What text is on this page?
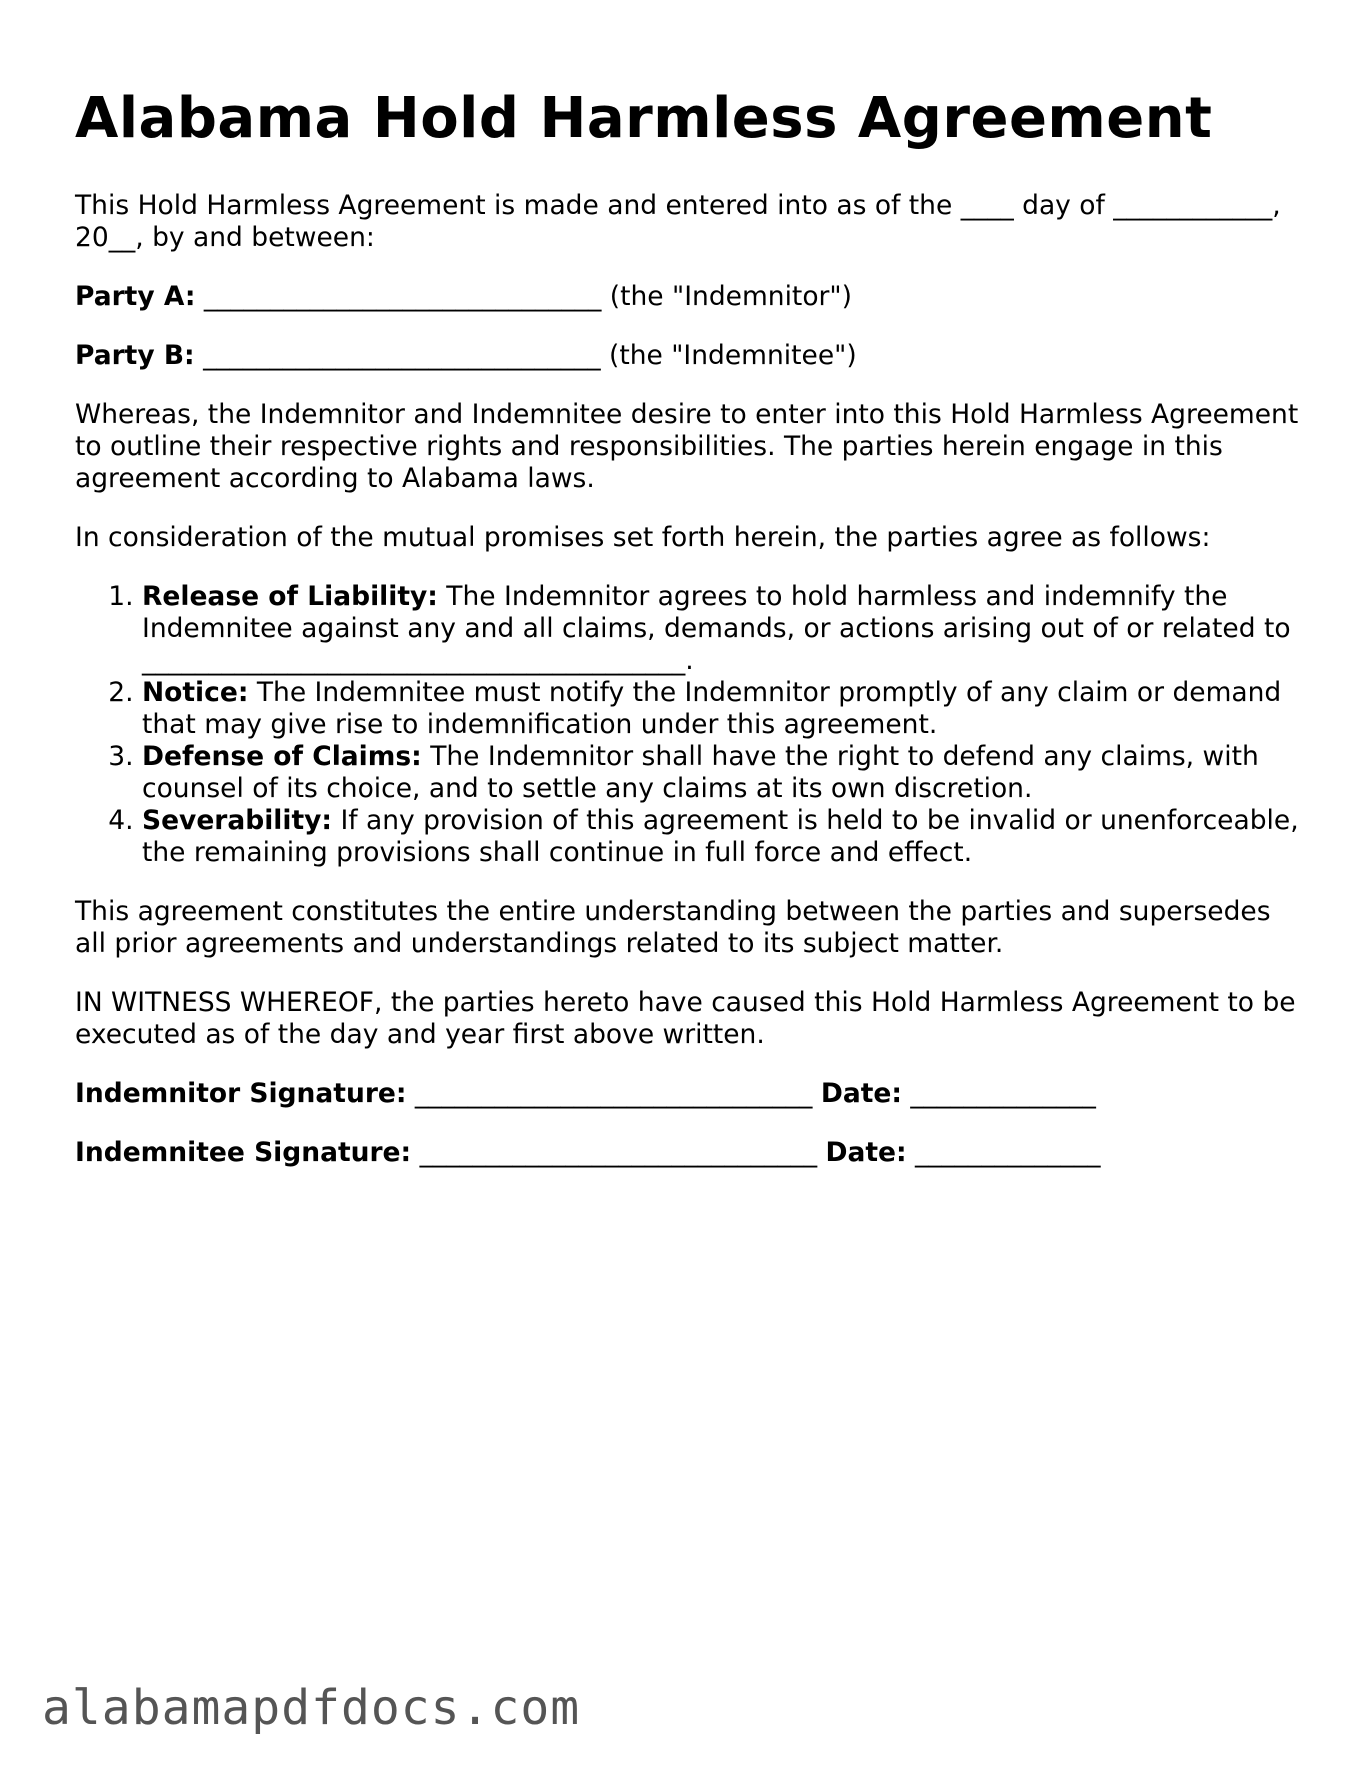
Alabama Hold Harmless Agreement

This Hold Harmless Agreement is made and entered into as of the ____ day of ____________, 20__, by and between:

Party A: ______________________________ (the "Indemnitor")

Party B: ______________________________ (the "Indemnitee")

Whereas, the Indemnitor and Indemnitee desire to enter into this Hold Harmless Agreement to outline their respective rights and responsibilities. The parties herein engage in this agreement according to Alabama laws.

In consideration of the mutual promises set forth herein, the parties agree as follows:

1. Release of Liability: The Indemnitor agrees to hold harmless and indemnify the Indemnitee against any and all claims, demands, or actions arising out of or related to _________________________________________.
2. Notice: The Indemnitee must notify the Indemnitor promptly of any claim or demand that may give rise to indemnification under this agreement.
3. Defense of Claims: The Indemnitor shall have the right to defend any claims, with counsel of its choice, and to settle any claims at its own discretion.
4. Severability: If any provision of this agreement is held to be invalid or unenforceable, the remaining provisions shall continue in full force and effect.

This agreement constitutes the entire understanding between the parties and supersedes all prior agreements and understandings related to its subject matter.

IN WITNESS WHEREOF, the parties hereto have caused this Hold Harmless Agreement to be executed as of the day and year first above written.

Indemnitor Signature: ______________________________ Date: ______________

Indemnitee Signature: ______________________________ Date: ______________

alabamapdfdocs.com
